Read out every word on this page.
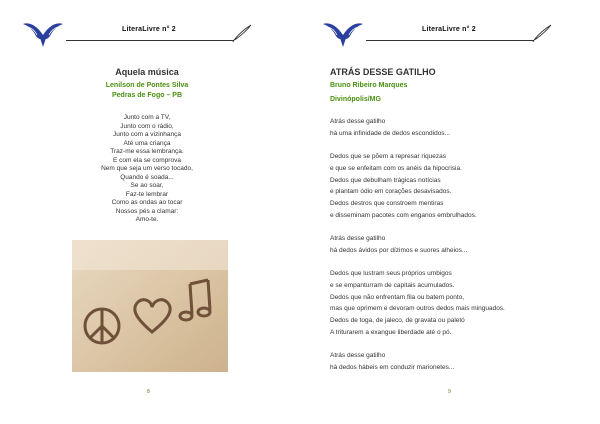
LiteraLivre n° 2
Aquela música
Lenilson de Pontes Silva
Pedras de Fogo – PB
Junto com a TV,
Junto com o rádio,
Junto com a vizinhança
Até uma criança
Traz-me essa lembrança.
E com ela se comprova
Nem que seja um verso tocado,
Quando é soada...
Se ao soar,
Faz-te lembrar
Como as ondas ao tocar
Nossos pés a clamar:
Amo-te.
8
LiteraLivre n° 2
ATRÁS DESSE GATILHO
Bruno Ribeiro Marques
Divinópolis/MG
Atrás desse gatilho
há uma infinidade de dedos escondidos...
Dedos que se põem a represar riquezas
e que se enfeitam com os anéis da hipocrisia.
Dedos que debulham trágicas notícias
e plantam ódio em corações desavisados.
Dedos destros que constroem mentiras
e disseminam pacotes com enganos embrulhados.
Atrás desse gatilho
há dedos ávidos por dízimos e suores alheios...
Dedos que lustram seus próprios umbigos
e se empanturram de capitais acumulados.
Dedos que não enfrentam fila ou batem ponto,
mas que oprimem e devoram outros dedos mais minguados.
Dedos de toga, de jaleco, de gravata ou paletó
A triturarem a exangue liberdade até o pó.
Atrás desse gatilho
há dedos hábeis em conduzir marionetes...
9
